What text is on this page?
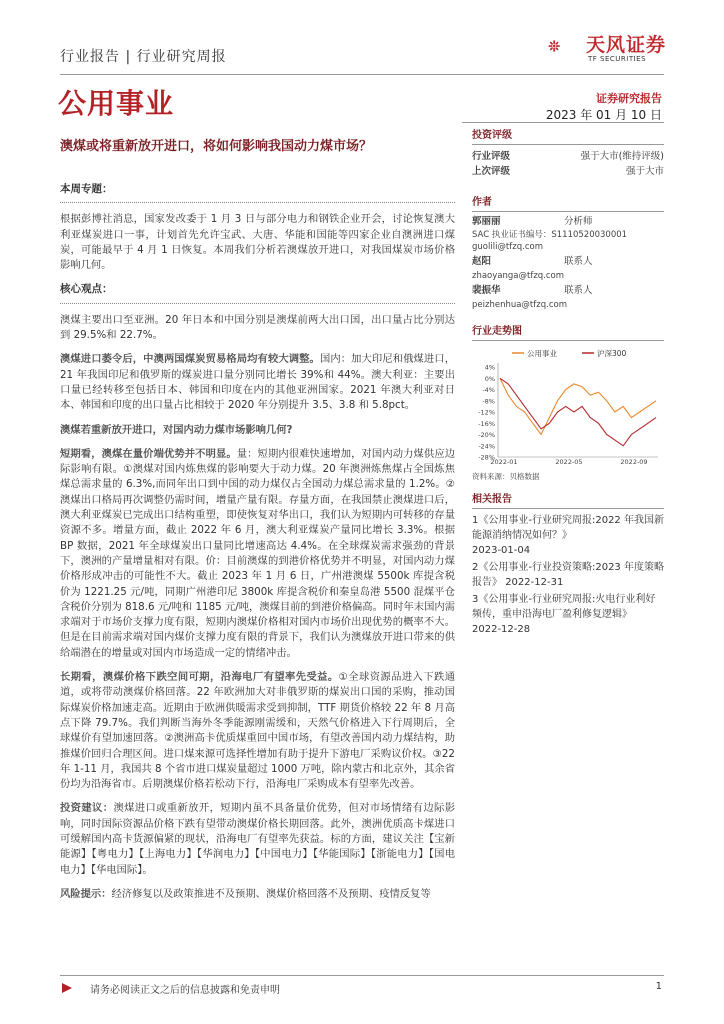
行业报告 | 行业研究周报
天风证券
TF SECURITIES
公用事业	证券研究报告
2023 年 01 月 10 日
澳煤或将重新放开进口，将如何影响我国动力煤市场？
本周专题：

根据彭博社消息，国家发改委于 1 月 3 日与部分电力和钢铁企业开会，讨论恢复澳大利亚煤炭进口一事，计划首先允许宝武、大唐、华能和国能等四家企业自澳洲进口煤炭，可能最早于 4 月 1 日恢复。本周我们分析若澳煤放开进口，对我国煤炭市场价格影响几何。

核心观点：

澳煤主要出口至亚洲。20 年日本和中国分别是澳煤前两大出口国，出口量占比分别达到 29.5%和 22.7%。

澳煤进口萎令后，中澳两国煤炭贸易格局均有较大调整。国内：加大印尼和俄煤进口，21 年我国印尼和俄罗斯的煤炭进口量分别同比增长 39%和 44%。澳大利亚：主要出口量已经转移至包括日本、韩国和印度在内的其他亚洲国家。2021 年澳大利亚对日本、韩国和印度的出口量占比相较于 2020 年分别提升 3.5、3.8 和 5.8pct。

澳煤若重新放开进口，对国内动力煤市场影响几何?

短期看，澳煤在量价端优势并不明显。量：短期内很难快速增加，对国内动力煤供应边际影响有限。①澳煤对国内炼焦煤的影响要大于动力煤。20 年澳洲炼焦煤占全国炼焦煤总需求量的 6.3%,而同年出口到中国的动力煤仅占全国动力煤总需求量的 1.2%。②澳煤出口格局再次调整仍需时间，增量产量有限。存量方面，在我国禁止澳煤进口后，澳大利亚煤炭已完成出口结构重塑，即使恢复对华出口，我们认为短期内可转移的存量资源不多。增量方面，截止 2022 年 6 月，澳大利亚煤炭产量同比增长 3.3%。根据 BP 数据，2021 年全球煤炭出口量同比增速高达 4.4%。在全球煤炭需求强劲的背景下，澳洲的产量增量相对有限。价：目前澳煤的到港价格优势并不明显，对国内动力煤价格形成冲击的可能性不大。截止 2023 年 1 月 6 日，广州港澳煤 5500k 库提含税价为 1221.25 元/吨，同期广州港印尼 3800k 库提含税价和秦皇岛港 5500 混煤平仓含税价分别为 818.6 元/吨和 1185 元/吨，澳煤目前的到港价格偏高。同时年末国内需求端对于市场价支撑力度有限，短期内澳煤价格相对国内市场价出现优势的概率不大。但是在目前需求端对国内煤价支撑力度有限的背景下，我们认为澳煤放开进口带来的供给端潜在的增量或对国内市场造成一定的情绪冲击。

长期看，澳煤价格下跌空间可期，沿海电厂有望率先受益。①全球资源品进入下跌通道，或将带动澳煤价格回落。22 年欧洲加大对非俄罗斯的煤炭出口国的采购，推动国际煤炭价格加速走高。近期由于欧洲供暖需求受到抑制，TTF 期货价格较 22 年 8 月高点下降 79.7%。我们判断当海外冬季能源刚需缓和，天然气价格进入下行周期后，全球煤价有望加速回落。②澳洲高卡优质煤重回中国市场，有望改善国内动力煤结构，助推煤价回归合理区间。进口煤来源可选择性增加有助于提升下游电厂采购议价权。③22 年 1-11 月，我国共 8 个省市进口煤炭量超过 1000 万吨，除内蒙古和北京外，其余省份均为沿海省市。后期澳煤价格若松动下行，沿海电厂采购成本有望率先改善。

投资建议：澳煤进口或重新放开，短期内虽不具备量价优势，但对市场情绪有边际影响，同时国际资源品价格下跌有望带动澳煤价格长期回落。此外，澳洲优质高卡煤进口可缓解国内高卡货源偏紧的现状，沿海电厂有望率先获益。标的方面，建议关注【宝新能源】【粤电力】【上海电力】【华润电力】【中国电力】【华能国际】【浙能电力】【国电电力】【华电国际】。

风险提示：经济修复以及政策推进不及预期、澳煤价格回落不及预期、疫情反复等

投资评级
行业评级	强于大市(维持评级)
上次评级	强于大市
作者
郭丽丽	分析师
SAC 执业证书编号：S1110520030001
guolili@tfzq.com
赵阳	联系人
zhaoyanga@tfzq.com
裴振华	联系人
peizhenhua@tfzq.com
行业走势图
公用事业	沪深300
4%
0%
-4%
-8%
-12%
-16%
-20%
-24%
-28%
2022-01	2022-05	2022-09
资料来源：贝格数据
相关报告
1《公用事业-行业研究周报:2022 年我国新能源消纳情况如何？》
2023-01-04
2《公用事业-行业投资策略:2023 年度策略报告》 2022-12-31
3《公用事业-行业研究周报:火电行业利好频传，重申沿海电厂盈利修复逻辑》 2022-12-28
请务必阅读正文之后的信息披露和免责申明	1
